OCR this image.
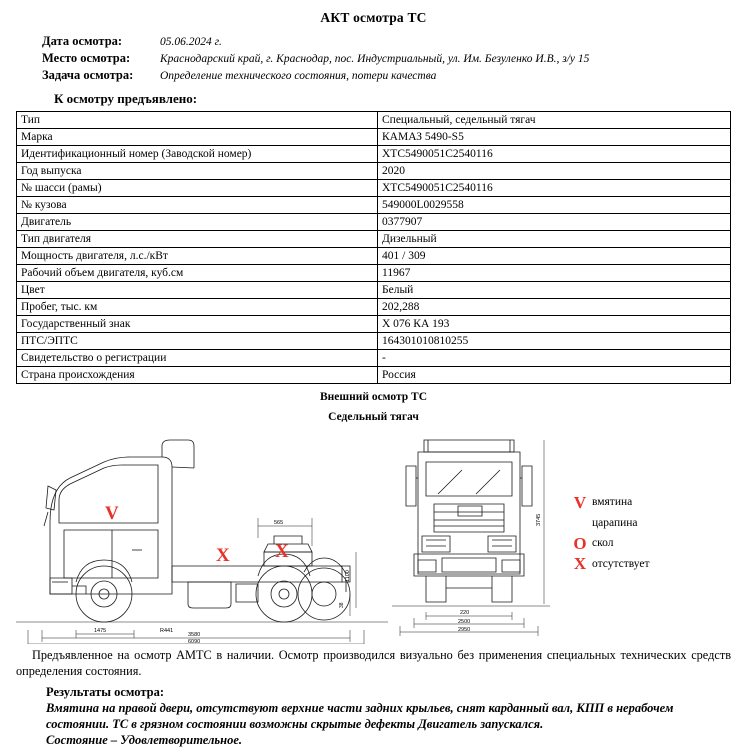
АКТ осмотра ТС
Дата осмотра:	05.06.2024 г.
Место осмотра:	Краснодарский край, г. Краснодар, пос. Индустриальный, ул. Им. Безуленко И.В., з/у 15
Задача осмотра:	Определение технического состояния, потери качества
К осмотру предъявлено:
Тип	Специальный, седельный тягач
Марка	КАМАЗ 5490-S5
Идентификационный номер (Заводской номер)	XTC5490051C2540116
Год выпуска	2020
№ шасси (рамы)	XTC5490051C2540116
№ кузова	549000L0029558
Двигатель	0377907
Тип двигателя	Дизельный
Мощность двигателя, л.с./кВт	401 / 309
Рабочий объем двигателя, куб.см	11967
Цвет	Белый
Пробег, тыс. км	202,288
Государственный знак	Х 076 КА 193
ПТС/ЭПТС	164301010810255
Свидетельство о регистрации	-
Страна происхождения	Россия
Внешний осмотр ТС
Седельный тягач
565
1100
38
1475	R441
3580
6090
3745
220
2500
2950
V
X X
V вмятина
царапина
O скол
X отсутствует
Предъявленное на осмотр АМТС в наличии. Осмотр производился визуально без применения специальных технических средств определения состояния.
Результаты осмотра:
Вмятина на правой двери, отсутствуют верхние части задних крыльев, снят карданный вал, КПП в нерабочем состоянии. ТС в грязном состоянии возможны скрытые дефекты Двигатель запускался.
Состояние – Удовлетворительное.
